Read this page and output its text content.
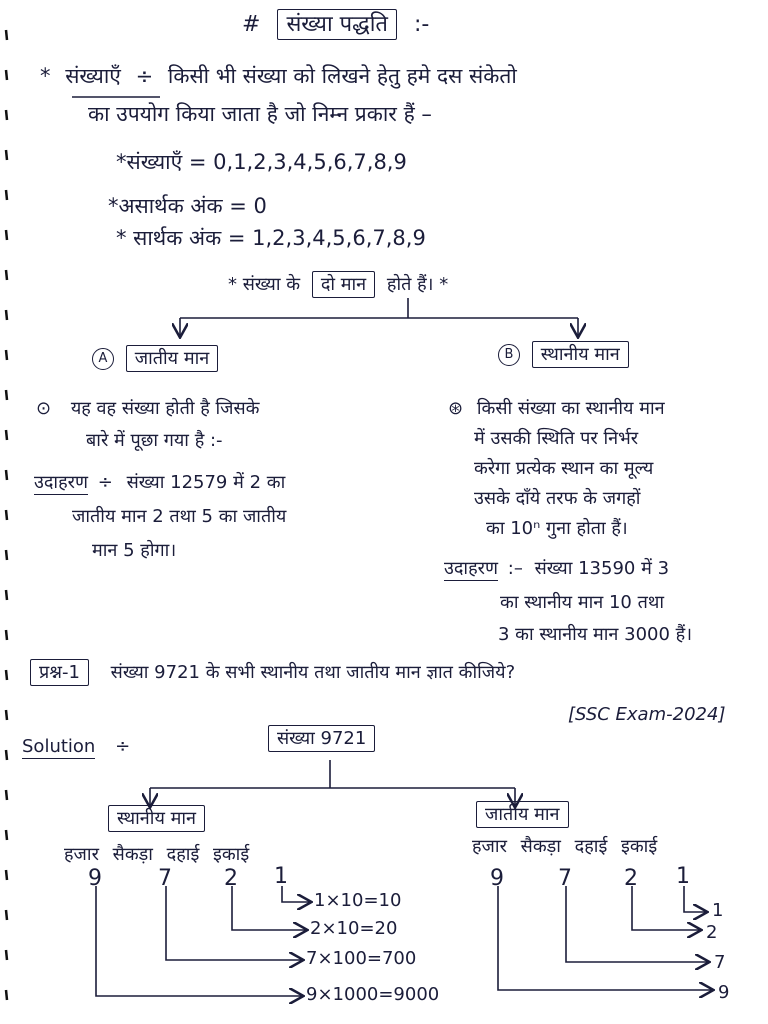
# संख्या पद्धति :-
* संख्याएँ ÷ किसी भी संख्या को लिखने हेतु हमे दस संकेतो
का उपयोग किया जाता है जो निम्न प्रकार हैं –
*संख्याएँ = 0,1,2,3,4,5,6,7,8,9
*असार्थक अंक = 0
* सार्थक अंक = 1,2,3,4,5,6,7,8,9
* संख्या के दो मान होते हैं। *
A जातीय मान
⊙ यह वह संख्या होती है जिसके
बारे में पूछा गया है :-
उदाहरण ÷ संख्या 12579 में 2 का
जातीय मान 2 तथा 5 का जातीय
मान 5 होगा।
B स्थानीय मान
⊛ किसी संख्या का स्थानीय मान
में उसकी स्थिति पर निर्भर
करेगा प्रत्येक स्थान का मूल्य
उसके दाँये तरफ के जगहों
का 10ⁿ गुना होता हैं।
उदाहरण :– संख्या 13590 में 3
का स्थानीय मान 10 तथा
3 का स्थानीय मान 3000 हैं।
प्रश्न-1 संख्या 9721 के सभी स्थानीय तथा जातीय मान ज्ञात कीजिये?
[SSC Exam-2024]
Solution ÷	संख्या 9721
स्थानीय मान	जातीय मान
हजार सैकड़ा दहाई इकाई	हजार सैकड़ा दहाई इकाई
9	7 2 1	9 7 2 1
1×10=10
2×10=20
7×100=700
9×1000=9000
1
2
7
9
